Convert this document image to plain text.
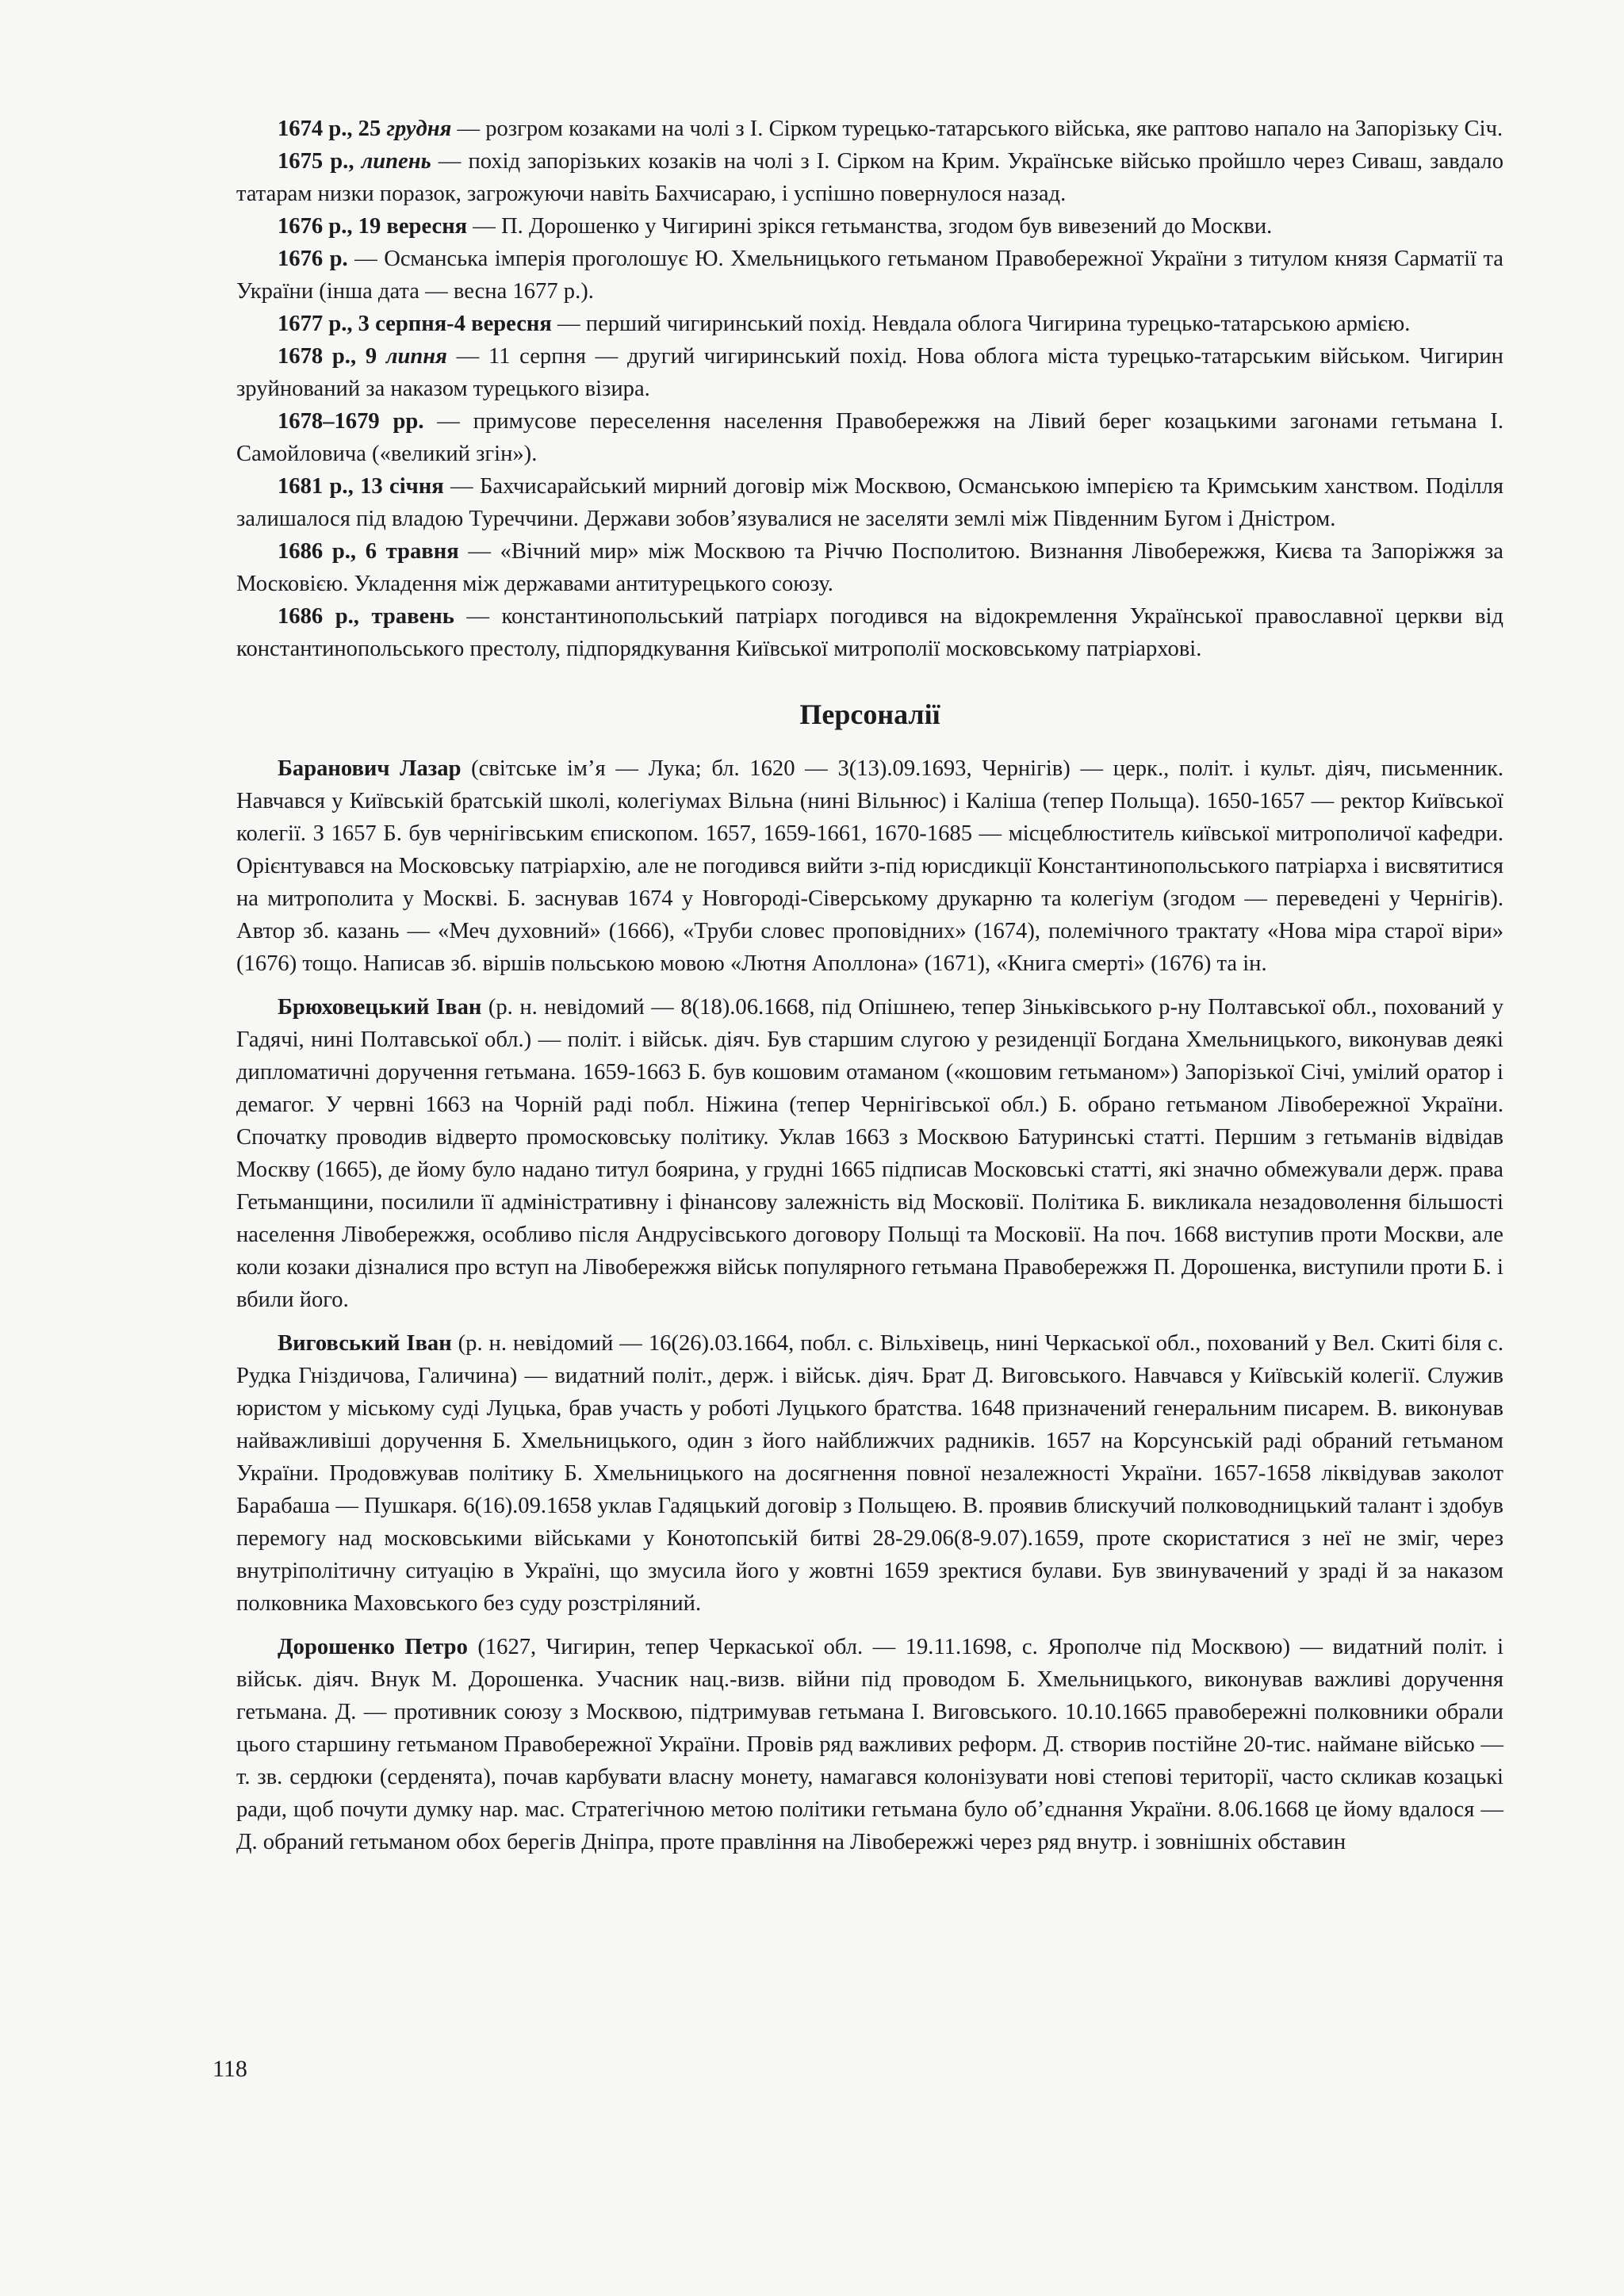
1674 р., 25 грудня — розгром козаками на чолі з І. Сірком турецько-татарського війська, яке раптово напало на Запорізьку Січ.

1675 р., липень — похід запорізьких козаків на чолі з І. Сірком на Крим. Українське військо пройшло через Сиваш, завдало татарам низки поразок, загрожуючи навіть Бахчисараю, і успішно повернулося назад.

1676 р., 19 вересня — П. Дорошенко у Чигирині зрікся гетьманства, згодом був вивезений до Москви.

1676 р. — Османська імперія проголошує Ю. Хмельницького гетьманом Правобережної України з титулом князя Сарматії та України (інша дата — весна 1677 р.).

1677 р., 3 серпня-4 вересня — перший чигиринський похід. Невдала облога Чигирина турецько-татарською армією.

1678 р., 9 липня — 11 серпня — другий чигиринський похід. Нова облога міста турецько-татарським військом. Чигирин зруйнований за наказом турецького візира.

1678–1679 рр. — примусове переселення населення Правобережжя на Лівий берег козацькими загонами гетьмана І. Самойловича («великий згін»).

1681 р., 13 січня — Бахчисарайський мирний договір між Москвою, Османською імперією та Кримським ханством. Поділля залишалося під владою Туреччини. Держави зобов’язувалися не заселяти землі між Південним Бугом і Дністром.

1686 р., 6 травня — «Вічний мир» між Москвою та Річчю Посполитою. Визнання Лівобережжя, Києва та Запоріжжя за Московією. Укладення між державами антитурецького союзу.

1686 р., травень — константинопольський патріарх погодився на відокремлення Української православної церкви від константинопольського престолу, підпорядкування Київської митрополії московському патріархові.

Персоналії

Баранович Лазар (світське ім’я — Лука; бл. 1620 — 3(13).09.1693, Чернігів) — церк., політ. і культ. діяч, письменник. Навчався у Київській братській школі, колегіумах Вільна (нині Вільнюс) і Каліша (тепер Польща). 1650-1657 — ректор Київської колегії. З 1657 Б. був чернігівським єпископом. 1657, 1659-1661, 1670-1685 — місцеблюститель київської митрополичої кафедри. Орієнтувався на Московську патріархію, але не погодився вийти з-під юрисдикції Константинопольського патріарха і висвятитися на митрополита у Москві. Б. заснував 1674 у Новгороді-Сіверському друкарню та колегіум (згодом — переведені у Чернігів). Автор зб. казань — «Меч духовний» (1666), «Труби словес проповідних» (1674), полемічного трактату «Нова міра старої віри» (1676) тощо. Написав зб. віршів польською мовою «Лютня Аполлона» (1671), «Книга смерті» (1676) та ін.

Брюховецький Іван (р. н. невідомий — 8(18).06.1668, під Опішнею, тепер Зіньківського р-ну Полтавської обл., похований у Гадячі, нині Полтавської обл.) — політ. і військ. діяч. Був старшим слугою у резиденції Богдана Хмельницького, виконував деякі дипломатичні доручення гетьмана. 1659-1663 Б. був кошовим отаманом («кошовим гетьманом») Запорізької Січі, умілий оратор і демагог. У червні 1663 на Чорній раді побл. Ніжина (тепер Чернігівської обл.) Б. обрано гетьманом Лівобережної України. Спочатку проводив відверто промосковську політику. Уклав 1663 з Москвою Батуринські статті. Першим з гетьманів відвідав Москву (1665), де йому було надано титул боярина, у грудні 1665 підписав Московські статті, які значно обмежували держ. права Гетьманщини, посилили її адміністративну і фінансову залежність від Московії. Політика Б. викликала незадоволення більшості населення Лівобережжя, особливо після Андрусівського договору Польщі та Московії. На поч. 1668 виступив проти Москви, але коли козаки дізналися про вступ на Лівобережжя військ популярного гетьмана Правобережжя П. Дорошенка, виступили проти Б. і вбили його.

Виговський Іван (р. н. невідомий — 16(26).03.1664, побл. с. Вільхівець, нині Черкаської обл., похований у Вел. Скиті біля с. Рудка Гніздичова, Галичина) — видатний політ., держ. і військ. діяч. Брат Д. Виговського. Навчався у Київській колегії. Служив юристом у міському суді Луцька, брав участь у роботі Луцького братства. 1648 призначений генеральним писарем. В. виконував найважливіші доручення Б. Хмельницького, один з його найближчих радників. 1657 на Корсунській раді обраний гетьманом України. Продовжував політику Б. Хмельницького на досягнення повної незалежності України. 1657-1658 ліквідував заколот Барабаша — Пушкаря. 6(16).09.1658 уклав Гадяцький договір з Польщею. В. проявив блискучий полководницький талант і здобув перемогу над московськими військами у Конотопській битві 28-29.06(8-9.07).1659, проте скористатися з неї не зміг, через внутріполітичну ситуацію в Україні, що змусила його у жовтні 1659 зректися булави. Був звинувачений у зраді й за наказом полковника Маховського без суду розстріляний.

Дорошенко Петро (1627, Чигирин, тепер Черкаської обл. — 19.11.1698, с. Ярополче під Москвою) — видатний політ. і військ. діяч. Внук М. Дорошенка. Учасник нац.-визв. війни під проводом Б. Хмельницького, виконував важливі доручення гетьмана. Д. — противник союзу з Москвою, підтримував гетьмана І. Виговського. 10.10.1665 правобережні полковники обрали цього старшину гетьманом Правобережної України. Провів ряд важливих реформ. Д. створив постійне 20-тис. наймане військо — т. зв. сердюки (серденята), почав карбувати власну монету, намагався колонізувати нові степові території, часто скликав козацькі ради, щоб почути думку нар. мас. Стратегічною метою політики гетьмана було об’єднання України. 8.06.1668 це йому вдалося — Д. обраний гетьманом обох берегів Дніпра, проте правління на Лівобережжі через ряд внутр. і зовнішніх обставин

118
